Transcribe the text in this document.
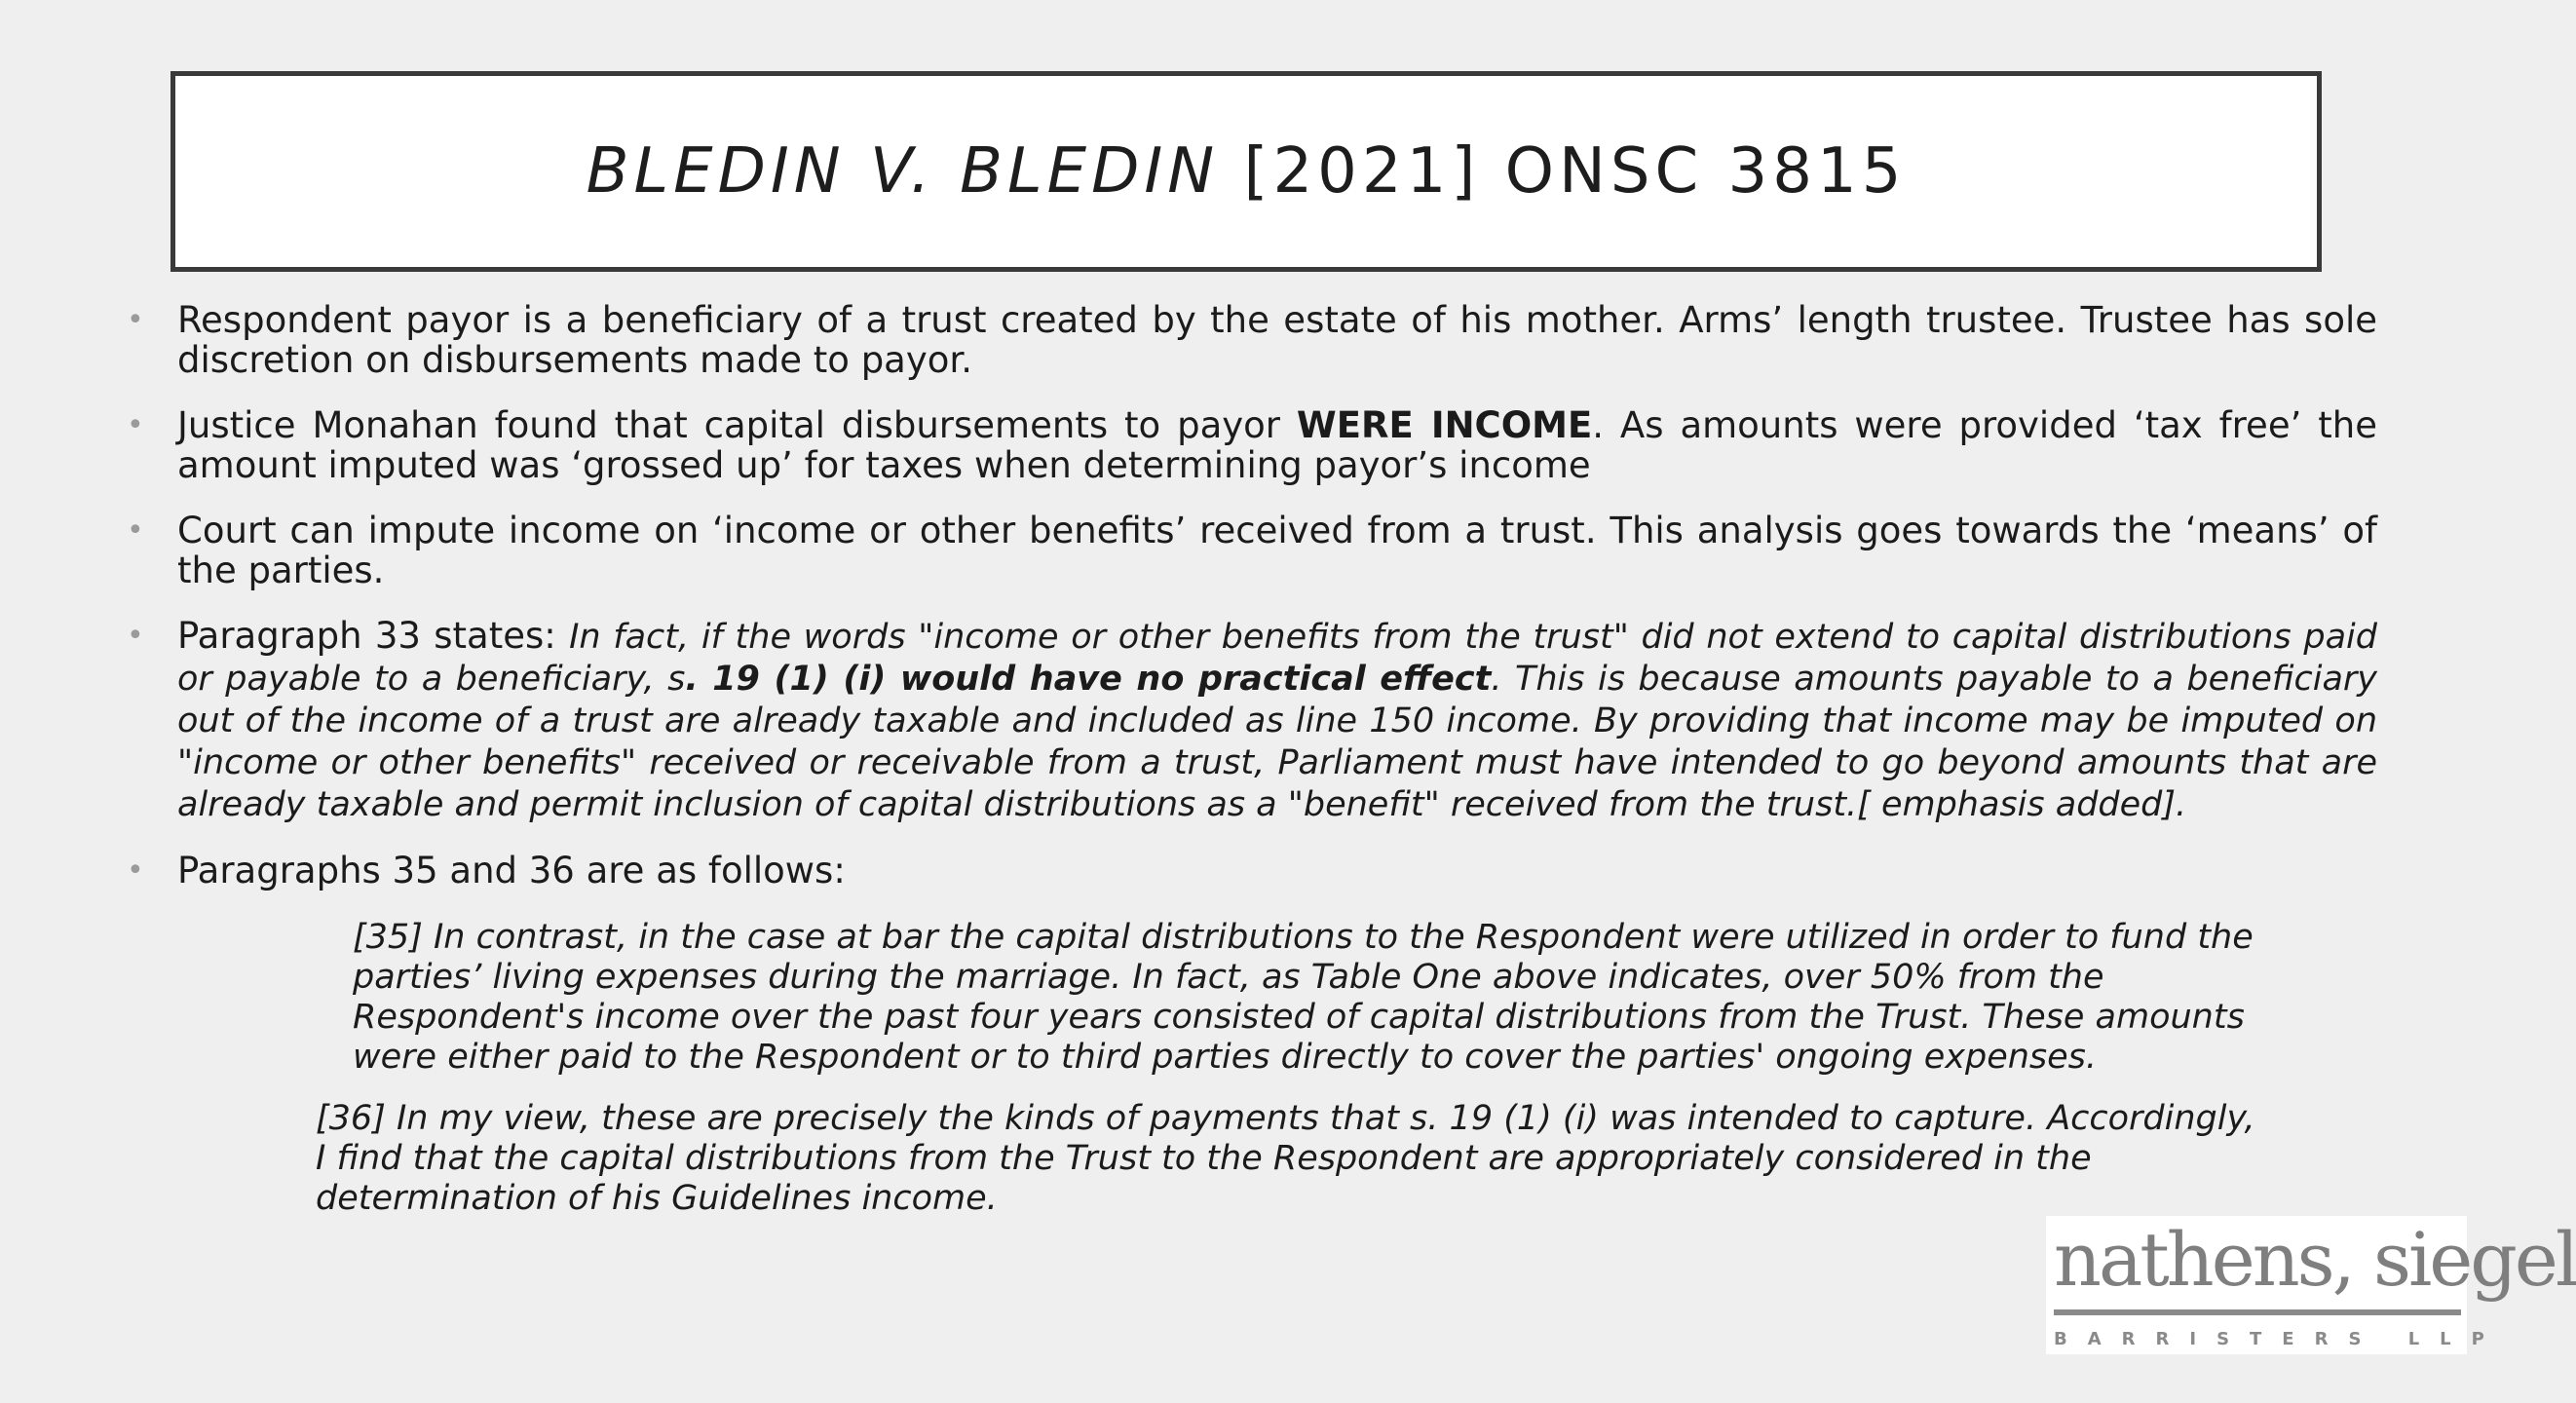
BLEDIN V. BLEDIN [2021] ONSC 3815
• Respondent payor is a beneficiary of a trust created by the estate of his mother. Arms’ length trustee. Trustee has sole discretion on disbursements made to payor.
• Justice Monahan found that capital disbursements to payor WERE INCOME. As amounts were provided ‘tax free’ the amount imputed was ‘grossed up’ for taxes when determining payor’s income
• Court can impute income on ‘income or other benefits’ received from a trust. This analysis goes towards the ‘means’ of the parties.
• Paragraph 33 states: In fact, if the words "income or other benefits from the trust" did not extend to capital distributions paid or payable to a beneficiary, s. 19 (1) (i) would have no practical effect. This is because amounts payable to a beneficiary out of the income of a trust are already taxable and included as line 150 income. By providing that income may be imputed on "income or other benefits" received or receivable from a trust, Parliament must have intended to go beyond amounts that are already taxable and permit inclusion of capital distributions as a "benefit" received from the trust.[ emphasis added].
• Paragraphs 35 and 36 are as follows:

[35] In contrast, in the case at bar the capital distributions to the Respondent were utilized in order to fund the parties’ living expenses during the marriage. In fact, as Table One above indicates, over 50% from the Respondent's income over the past four years consisted of capital distributions from the Trust. These amounts were either paid to the Respondent or to third parties directly to cover the parties' ongoing expenses.

[36] In my view, these are precisely the kinds of payments that s. 19 (1) (i) was intended to capture. Accordingly, I find that the capital distributions from the Trust to the Respondent are appropriately considered in the determination of his Guidelines income.

nathens, siegel
BARRISTERS LLP
